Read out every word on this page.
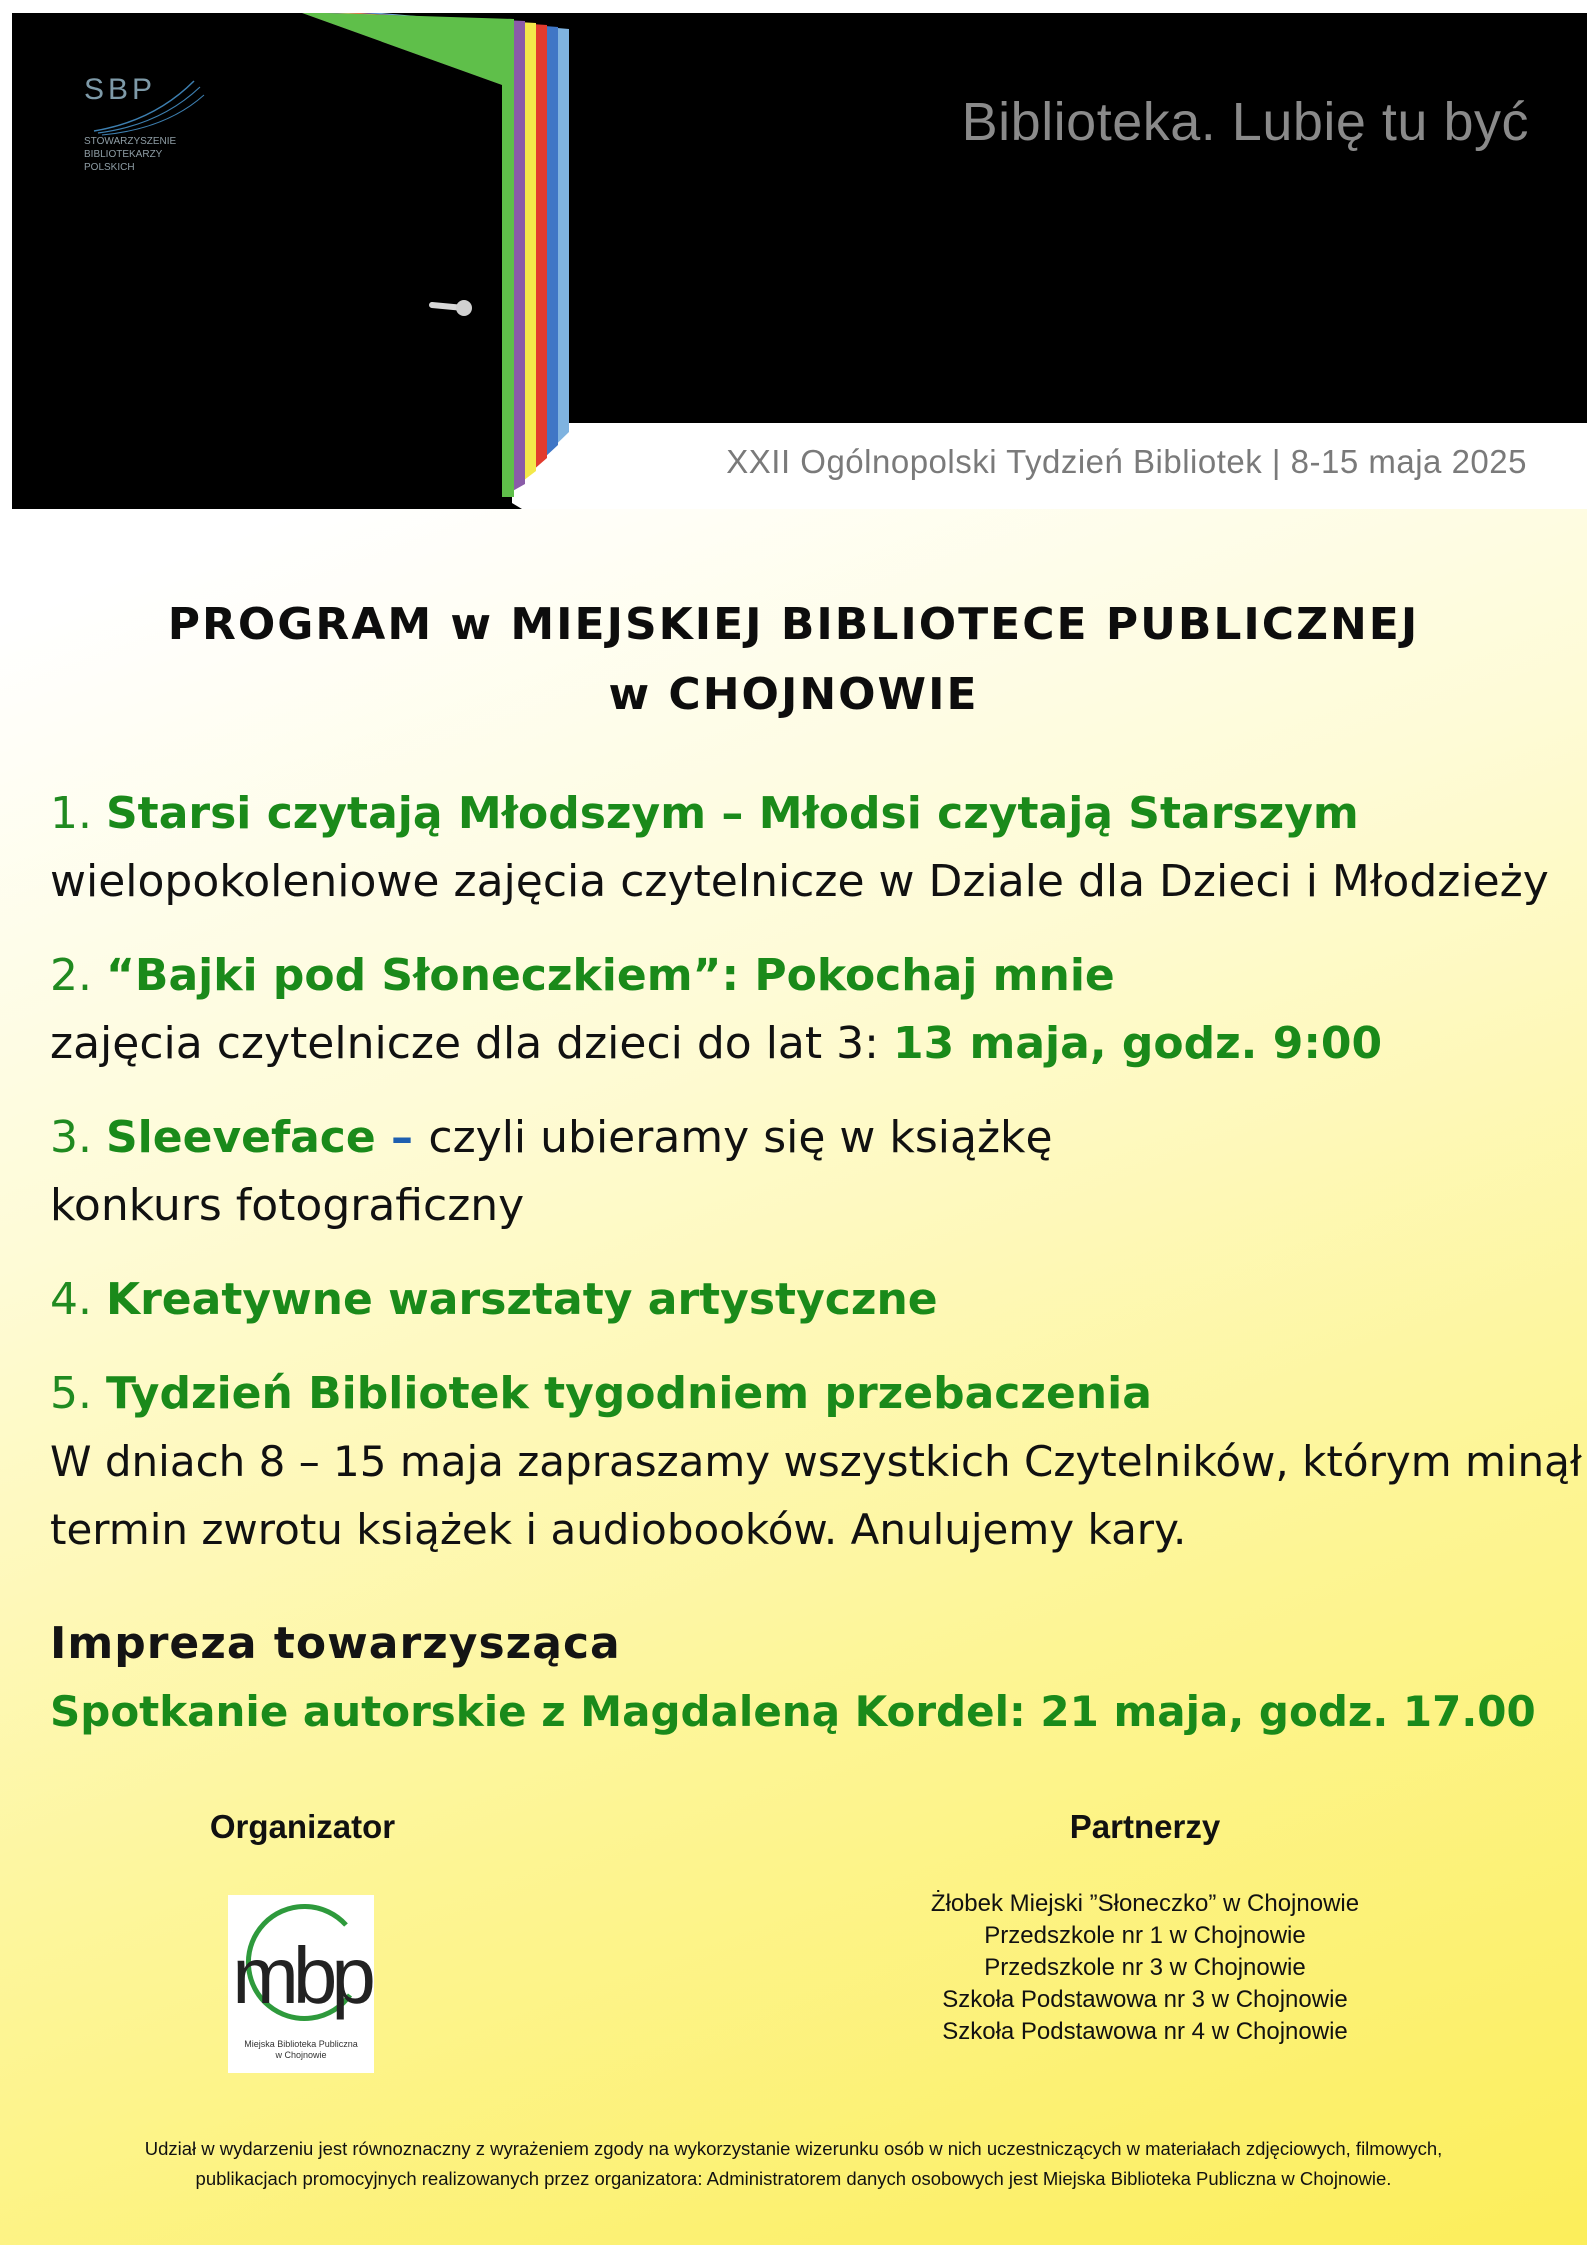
SBP
STOWARZYSZENIE
BIBLIOTEKARZY
POLSKICH
Biblioteka. Lubię tu być
XXII Ogólnopolski Tydzień Bibliotek | 8-15 maja 2025
PROGRAM w MIEJSKIEJ BIBLIOTECE PUBLICZNEJ
w CHOJNOWIE
1. Starsi czytają Młodszym – Młodsi czytają Starszym
wielopokoleniowe zajęcia czytelnicze w Dziale dla Dzieci i Młodzieży
2. “Bajki pod Słoneczkiem”: Pokochaj mnie
zajęcia czytelnicze dla dzieci do lat 3: 13 maja, godz. 9:00
3. Sleeveface – czyli ubieramy się w książkę
konkurs fotograficzny
4. Kreatywne warsztaty artystyczne
5. Tydzień Bibliotek tygodniem przebaczenia
W dniach 8 – 15 maja zapraszamy wszystkich Czytelników, którym minął
termin zwrotu książek i audiobooków. Anulujemy kary.
Impreza towarzysząca
Spotkanie autorskie z Magdaleną Kordel: 21 maja, godz. 17.00
Organizator
mbp
Miejska Biblioteka Publiczna
w Chojnowie
Partnerzy
Żłobek Miejski ”Słoneczko” w Chojnowie
Przedszkole nr 1 w Chojnowie
Przedszkole nr 3 w Chojnowie
Szkoła Podstawowa nr 3 w Chojnowie
Szkoła Podstawowa nr 4 w Chojnowie
Udział w wydarzeniu jest równoznaczny z wyrażeniem zgody na wykorzystanie wizerunku osób w nich uczestniczących w materiałach zdjęciowych, filmowych,
publikacjach promocyjnych realizowanych przez organizatora: Administratorem danych osobowych jest Miejska Biblioteka Publiczna w Chojnowie.
